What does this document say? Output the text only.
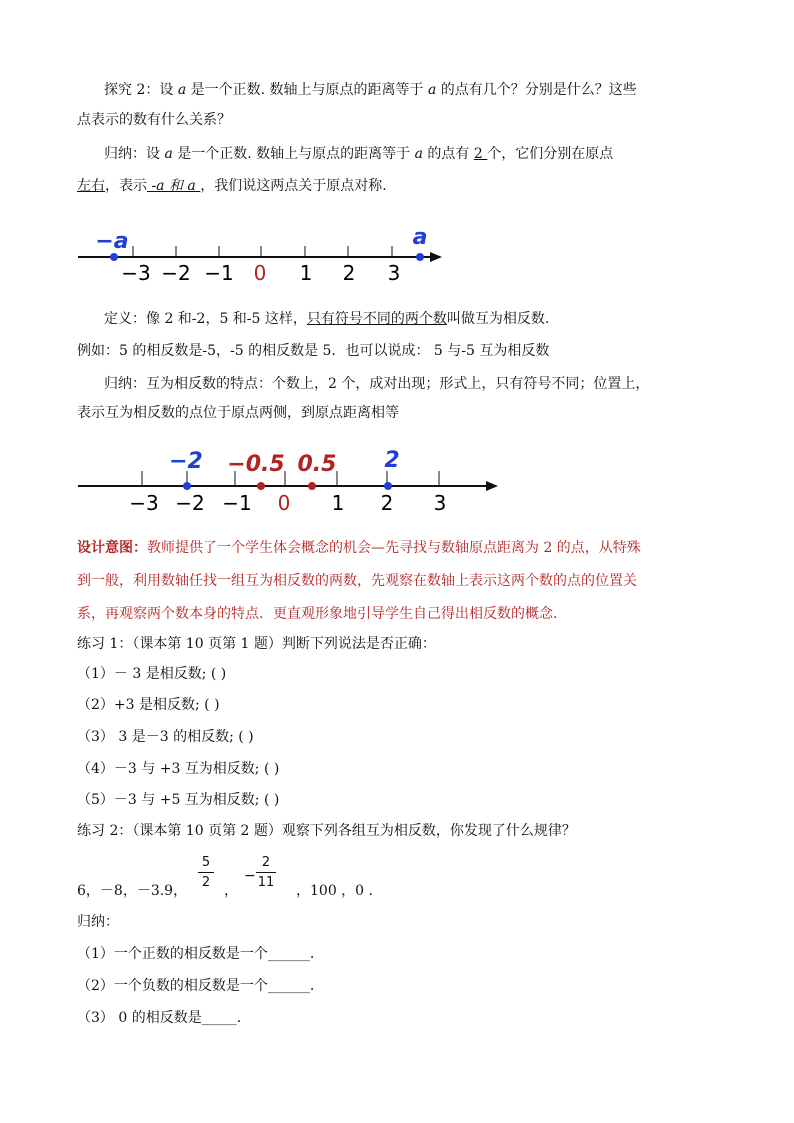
探究 2：设 a 是一个正数. 数轴上与原点的距离等于 a 的点有几个？分别是什么？这些
点表示的数有什么关系？
归纳：设 a 是一个正数. 数轴上与原点的距离等于 a 的点有 2 个，它们分别在原点
左右，表示 -a 和 a ，我们说这两点关于原点对称.
−3 −2 −1 0 1 2 3
−a	a
定义：像 2 和-2，5 和-5 这样，只有符号不同的两个数叫做互为相反数.
例如：5 的相反数是-5，-5 的相反数是 5．也可以说成： 5 与-5 互为相反数
归纳：互为相反数的特点：个数上，2 个，成对出现；形式上，只有符号不同；位置上，
表示互为相反数的点位于原点两侧，到原点距离相等
−3 −2 −1 0 1 2 3
−2 −0.5 0.5 2
设计意图：教师提供了一个学生体会概念的机会—先寻找与数轴原点距离为 2 的点，从特殊
到一般，利用数轴任找一组互为相反数的两数，先观察在数轴上表示这两个数的点的位置关
系，再观察两个数本身的特点．更直观形象地引导学生自己得出相反数的概念.
练习 1：（课本第 10 页第 1 题）判断下列说法是否正确：
（1）－ 3 是相反数; ( )
（2）+3 是相反数; ( )
（3） 3 是－3 的相反数; ( )
（4）－3 与 +3 互为相反数; ( )
（5）－3 与 +5 互为相反数; ( )
练习 2：（课本第 10 页第 2 题）观察下列各组互为相反数，你发现了什么规律？
6，－8，－3.9，
5
2
，
−
2
11
，100 ，0 .
归纳：
（1）一个正数的相反数是一个______.
（2）一个负数的相反数是一个______.
（3） 0 的相反数是_____.
